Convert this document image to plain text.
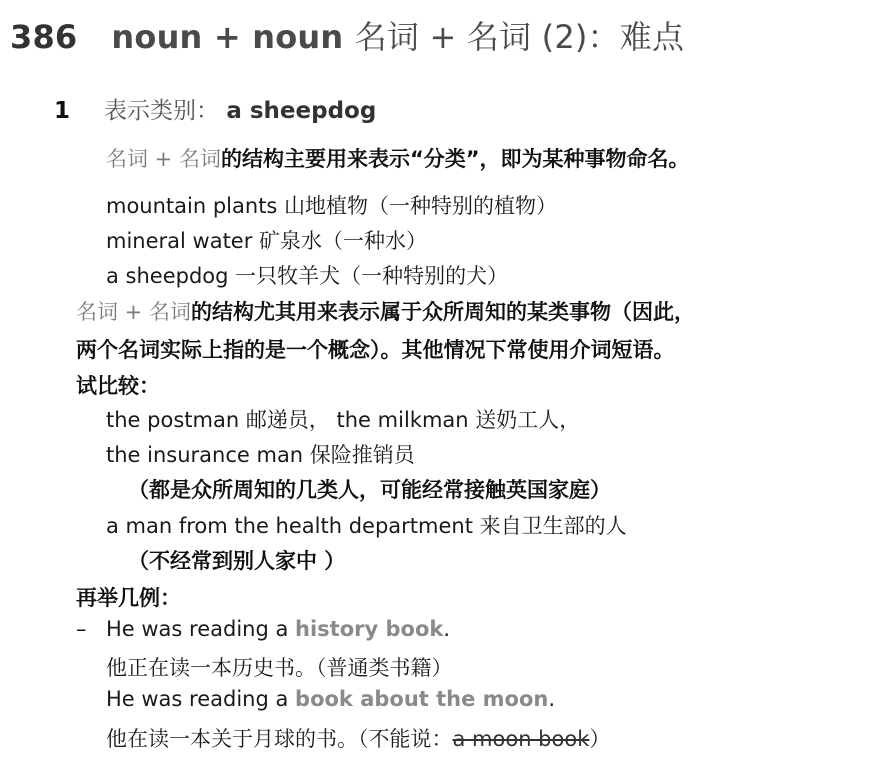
386 noun + noun 名词 + 名词 (2)：难点
1 表示类别： a sheepdog
名词 + 名词的结构主要用来表示“分类”，即为某种事物命名。
mountain plants 山地植物（一种特别的植物）
mineral water 矿泉水（一种水）
a sheepdog 一只牧羊犬（一种特别的犬）
名词 + 名词的结构尤其用来表示属于众所周知的某类事物（因此，
两个名词实际上指的是一个概念）。其他情况下常使用介词短语。
试比较：
the postman 邮递员， the milkman 送奶工人，
the insurance man 保险推销员
（都是众所周知的几类人，可能经常接触英国家庭）
a man from the health department 来自卫生部的人
（不经常到别人家中 ）
再举几例：
– He was reading a history book.
他正在读一本历史书。（普通类书籍）
He was reading a book about the moon.
他在读一本关于月球的书。（不能说：a moon book）
